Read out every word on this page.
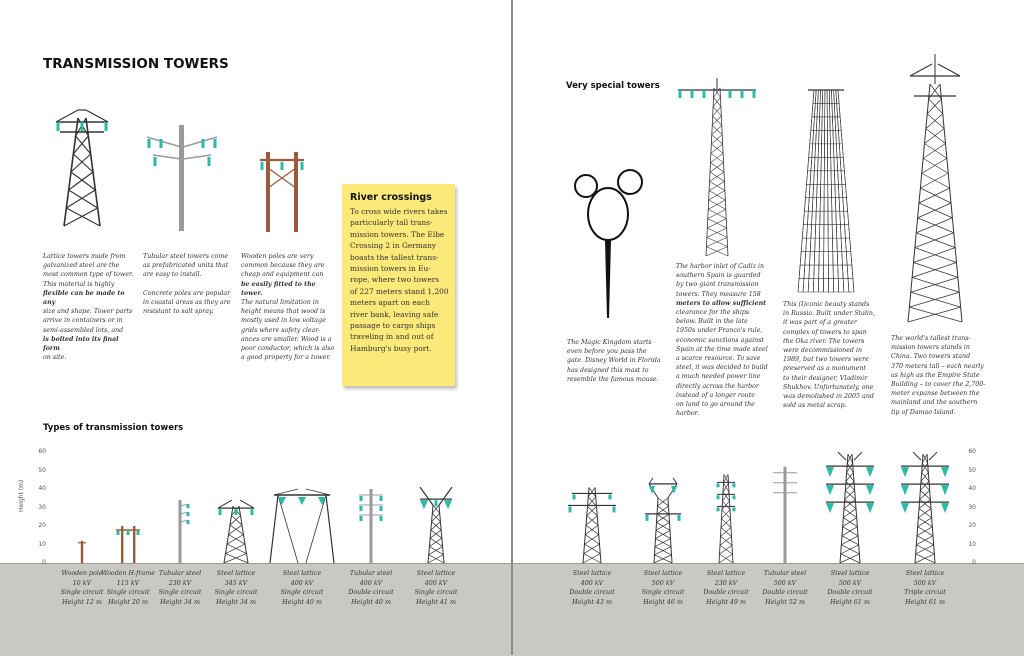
TRANSMISSION TOWERS
Lattice towers made from
galvanized steel are the
most common type of tower.
This material is highly
flexible can be made to any
size and shape. Tower parts
arrive in containers or in
semi-assembled lots, and
is bolted into its final form
on site.
Tubular steel towers come
as prefabricated units that
are easy to install.

Concrete poles are popular
in coastal areas as they are
resistant to salt spray.
Wooden poles are very
common because they are
cheap and equipment can
be easily fitted to the tower.
The natural limitation in
height means that wood is
mostly used in low voltage
grids where safety clear-
ances are smaller. Wood is a
poor conductor, which is also
a good property for a tower.
River crossings
To cross wide rivers takes
particularly tall trans-
mission towers. The Elbe
Crossing 2 in Germany
boasts the tallest trans-
mission towers in Eu-
rope, where two towers
of 227 meters stand 1,200
meters apart on each
river bank, leaving safe
passage to cargo ships
traveling in and out of
Hamburg's busy port.
Types of transmission towers
Very special towers
The Magic Kingdom starts
even before you pass the
gate. Disney World in Florida
has designed this mast to
resemble the famous mouse.
The harbor inlet of Cadiz in
southern Spain is guarded
by two giant transmission
towers. They measure 158
meters to allow sufficient
clearance for the ships
below. Built in the late
1950s under Franco's rule,
economic sanctions against
Spain at the time made steel
a scarce resource. To save
steel, it was decided to build
a much needed power line
directly across the harbor
instead of a longer route
on land to go around the
harbor.
This (I)conic beauty stands
in Russia. Built under Stalin,
it was part of a greater
complex of towers to span
the Oka river. The towers
were decommissioned in
1989, but two towers were
preserved as a monument
to their designer, Vladimir
Shukhov. Unfortunately, one
was demolished in 2005 and
sold as metal scrap.
The world's tallest trans-
mission towers stands in
China. Two towers stand
370 meters tall – each nearly
as high as the Empire State
Building – to cover the 2,700-
meter expanse between the
mainland and the southern
tip of Damao Island.
0
10
20
30
40
50
60
0
10
20
30
40
50
60
Height (m)
Wooden pole
10 kV
Single circuit
Height 12 m
Wooden H-frame
115 kV
Single circuit
Height 20 m
Tubular steel
230 kV
Single circuit
Height 34 m
Steel lattice
345 kV
Single circuit
Height 34 m
Steel lattice
400 kV
Single circuit
Height 40 m
Tubular steel
400 kV
Double circuit
Height 40 m
Steel lattice
400 kV
Single circuit
Height 41 m
Steel lattice
400 kV
Double circuit
Height 43 m
Steel lattice
500 kV
Single circuit
Height 46 m
Steel lattice
230 kV
Double circuit
Height 49 m
Tubular steel
500 kV
Double circuit
Height 52 m
Steel lattice
500 kV
Double circuit
Height 61 m
Steel lattice
500 kV
Triple circuit
Height 61 m
